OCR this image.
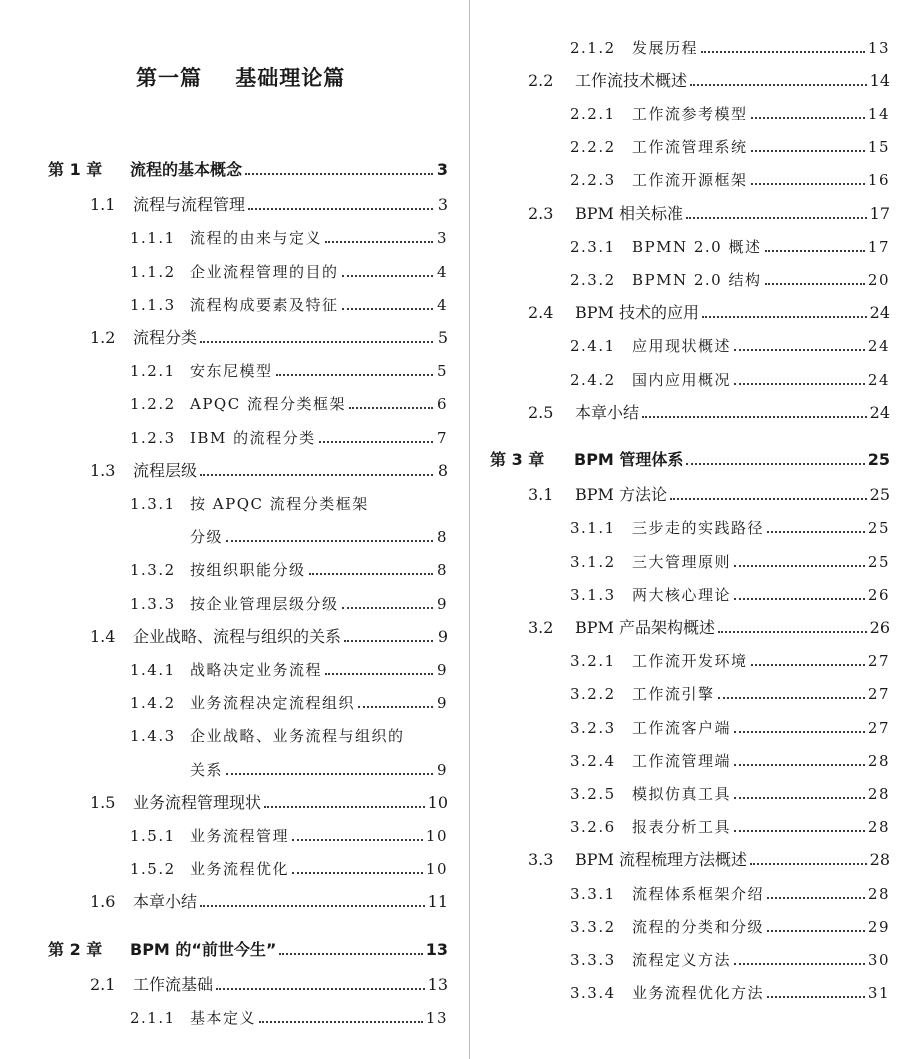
第一篇    基础理论篇
第 1 章	流程的基本概念	3
1.1	流程与流程管理	3
1.1.1 流程的由来与定义	3
1.1.2 企业流程管理的目的	4
1.1.3 流程构成要素及特征	4
1.2	流程分类	5
1.2.1 安东尼模型	5
1.2.2 APQC 流程分类框架	6
1.2.3 IBM 的流程分类	7
1.3	流程层级	8
1.3.1 按 APQC 流程分类框架
分级	8
1.3.2 按组织职能分级	8
1.3.3 按企业管理层级分级	9
1.4	企业战略、流程与组织的关系	9
1.4.1 战略决定业务流程	9
1.4.2 业务流程决定流程组织	9
1.4.3 企业战略、业务流程与组织的
关系	9
1.5	业务流程管理现状	10
1.5.1 业务流程管理	10
1.5.2 业务流程优化	10
1.6	本章小结	11
第 2 章	BPM 的“前世今生”	13
2.1	工作流基础	13
2.1.1 基本定义	13
2.1.2	发展历程	13
2.2	工作流技术概述	14
2.2.1	工作流参考模型	14
2.2.2	工作流管理系统	15
2.2.3	工作流开源框架	16
2.3	BPM 相关标准	17
2.3.1	BPMN 2.0 概述	17
2.3.2	BPMN 2.0 结构	20
2.4	BPM 技术的应用	24
2.4.1	应用现状概述	24
2.4.2	国内应用概况	24
2.5	本章小结	24
第 3 章	BPM 管理体系	25
3.1	BPM 方法论	25
3.1.1	三步走的实践路径	25
3.1.2	三大管理原则	25
3.1.3	两大核心理论	26
3.2	BPM 产品架构概述	26
3.2.1	工作流开发环境	27
3.2.2	工作流引擎	27
3.2.3	工作流客户端	27
3.2.4	工作流管理端	28
3.2.5	模拟仿真工具	28
3.2.6	报表分析工具	28
3.3	BPM 流程梳理方法概述	28
3.3.1	流程体系框架介绍	28
3.3.2	流程的分类和分级	29
3.3.3	流程定义方法	30
3.3.4	业务流程优化方法	31
